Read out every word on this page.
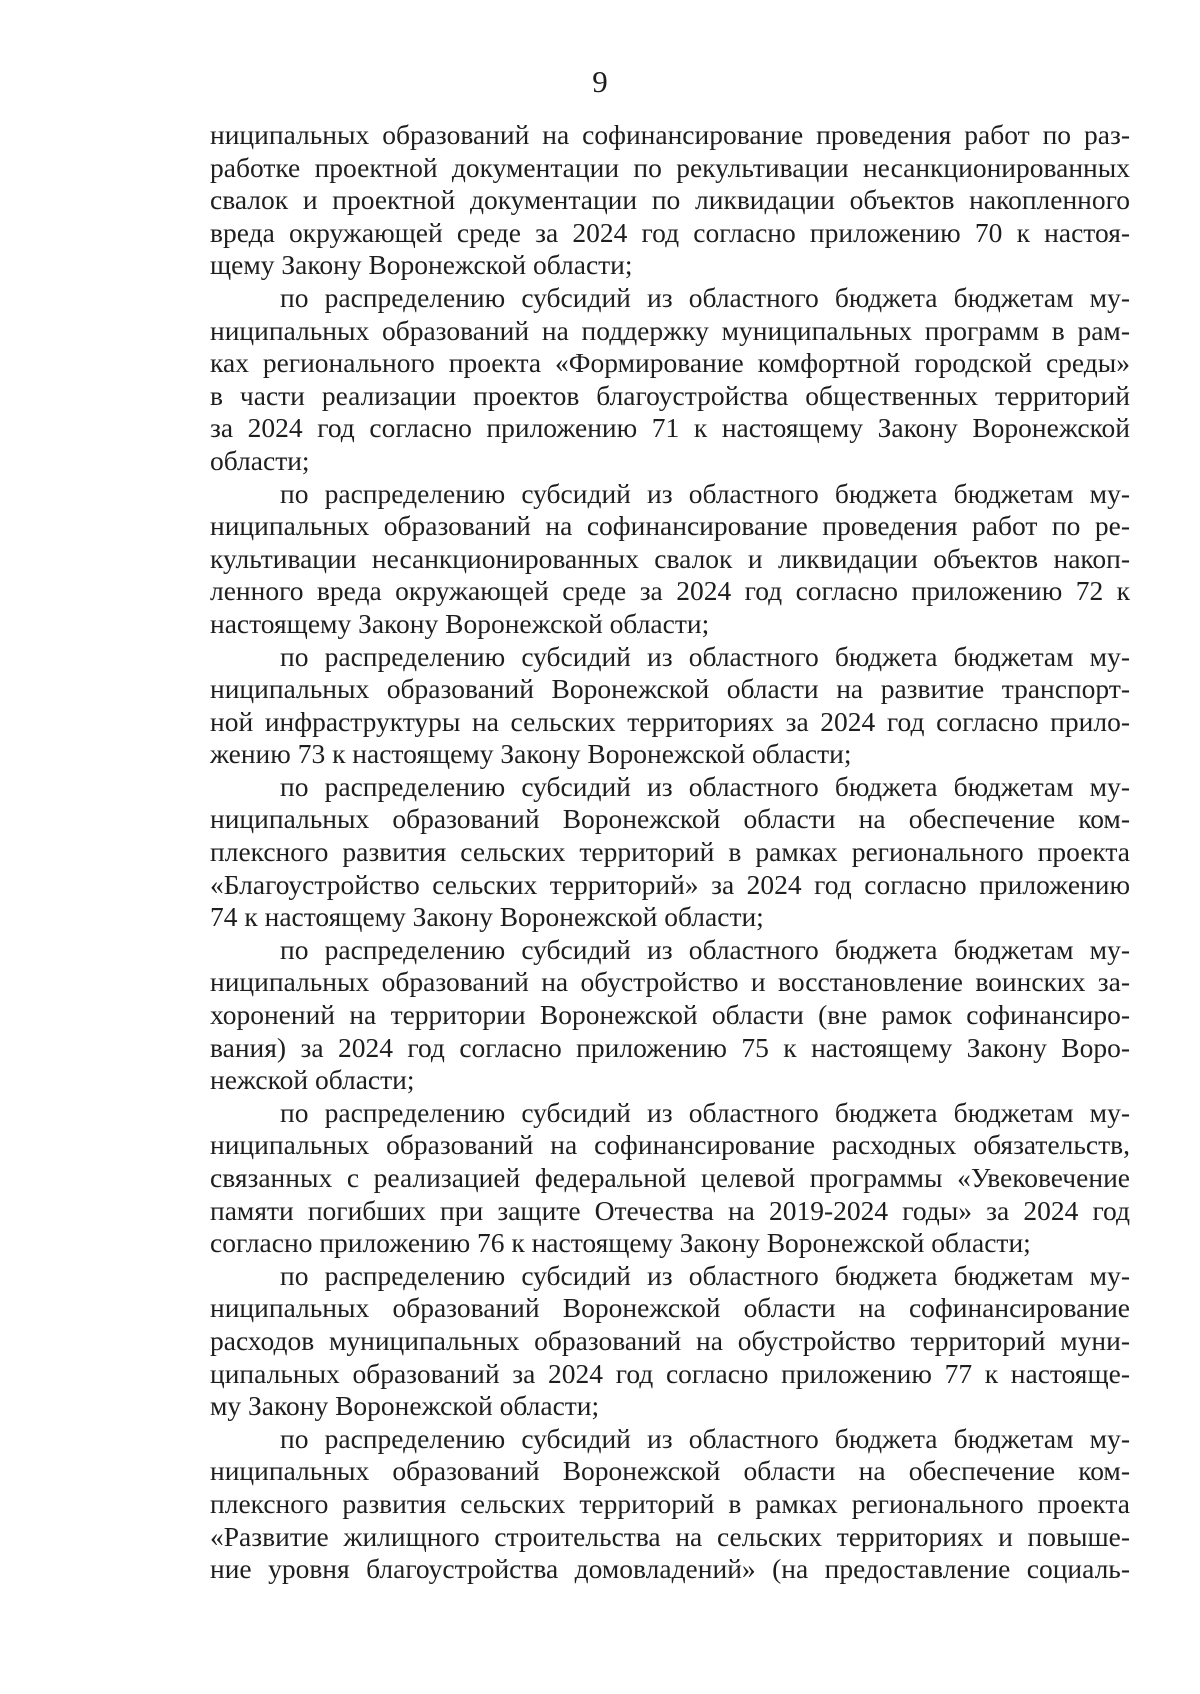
9
ниципальных образований на софинансирование проведения работ по раз-
работке проектной документации по рекультивации несанкционированных
свалок и проектной документации по ликвидации объектов накопленного
вреда окружающей среде за 2024 год согласно приложению 70 к настоя-
щему Закону Воронежской области;
по распределению субсидий из областного бюджета бюджетам му-
ниципальных образований на поддержку муниципальных программ в рам-
ках регионального проекта «Формирование комфортной городской среды»
в части реализации проектов благоустройства общественных территорий
за 2024 год согласно приложению 71 к настоящему Закону Воронежской
области;
по распределению субсидий из областного бюджета бюджетам му-
ниципальных образований на софинансирование проведения работ по ре-
культивации несанкционированных свалок и ликвидации объектов накоп-
ленного вреда окружающей среде за 2024 год согласно приложению 72 к
настоящему Закону Воронежской области;
по распределению субсидий из областного бюджета бюджетам му-
ниципальных образований Воронежской области на развитие транспорт-
ной инфраструктуры на сельских территориях за 2024 год согласно прило-
жению 73 к настоящему Закону Воронежской области;
по распределению субсидий из областного бюджета бюджетам му-
ниципальных образований Воронежской области на обеспечение ком-
плексного развития сельских территорий в рамках регионального проекта
«Благоустройство сельских территорий» за 2024 год согласно приложению
74 к настоящему Закону Воронежской области;
по распределению субсидий из областного бюджета бюджетам му-
ниципальных образований на обустройство и восстановление воинских за-
хоронений на территории Воронежской области (вне рамок софинансиро-
вания) за 2024 год согласно приложению 75 к настоящему Закону Воро-
нежской области;
по распределению субсидий из областного бюджета бюджетам му-
ниципальных образований на софинансирование расходных обязательств,
связанных с реализацией федеральной целевой программы «Увековечение
памяти погибших при защите Отечества на 2019-2024 годы» за 2024 год
согласно приложению 76 к настоящему Закону Воронежской области;
по распределению субсидий из областного бюджета бюджетам му-
ниципальных образований Воронежской области на софинансирование
расходов муниципальных образований на обустройство территорий муни-
ципальных образований за 2024 год согласно приложению 77 к настояще-
му Закону Воронежской области;
по распределению субсидий из областного бюджета бюджетам му-
ниципальных образований Воронежской области на обеспечение ком-
плексного развития сельских территорий в рамках регионального проекта
«Развитие жилищного строительства на сельских территориях и повыше-
ние уровня благоустройства домовладений» (на предоставление социаль-
